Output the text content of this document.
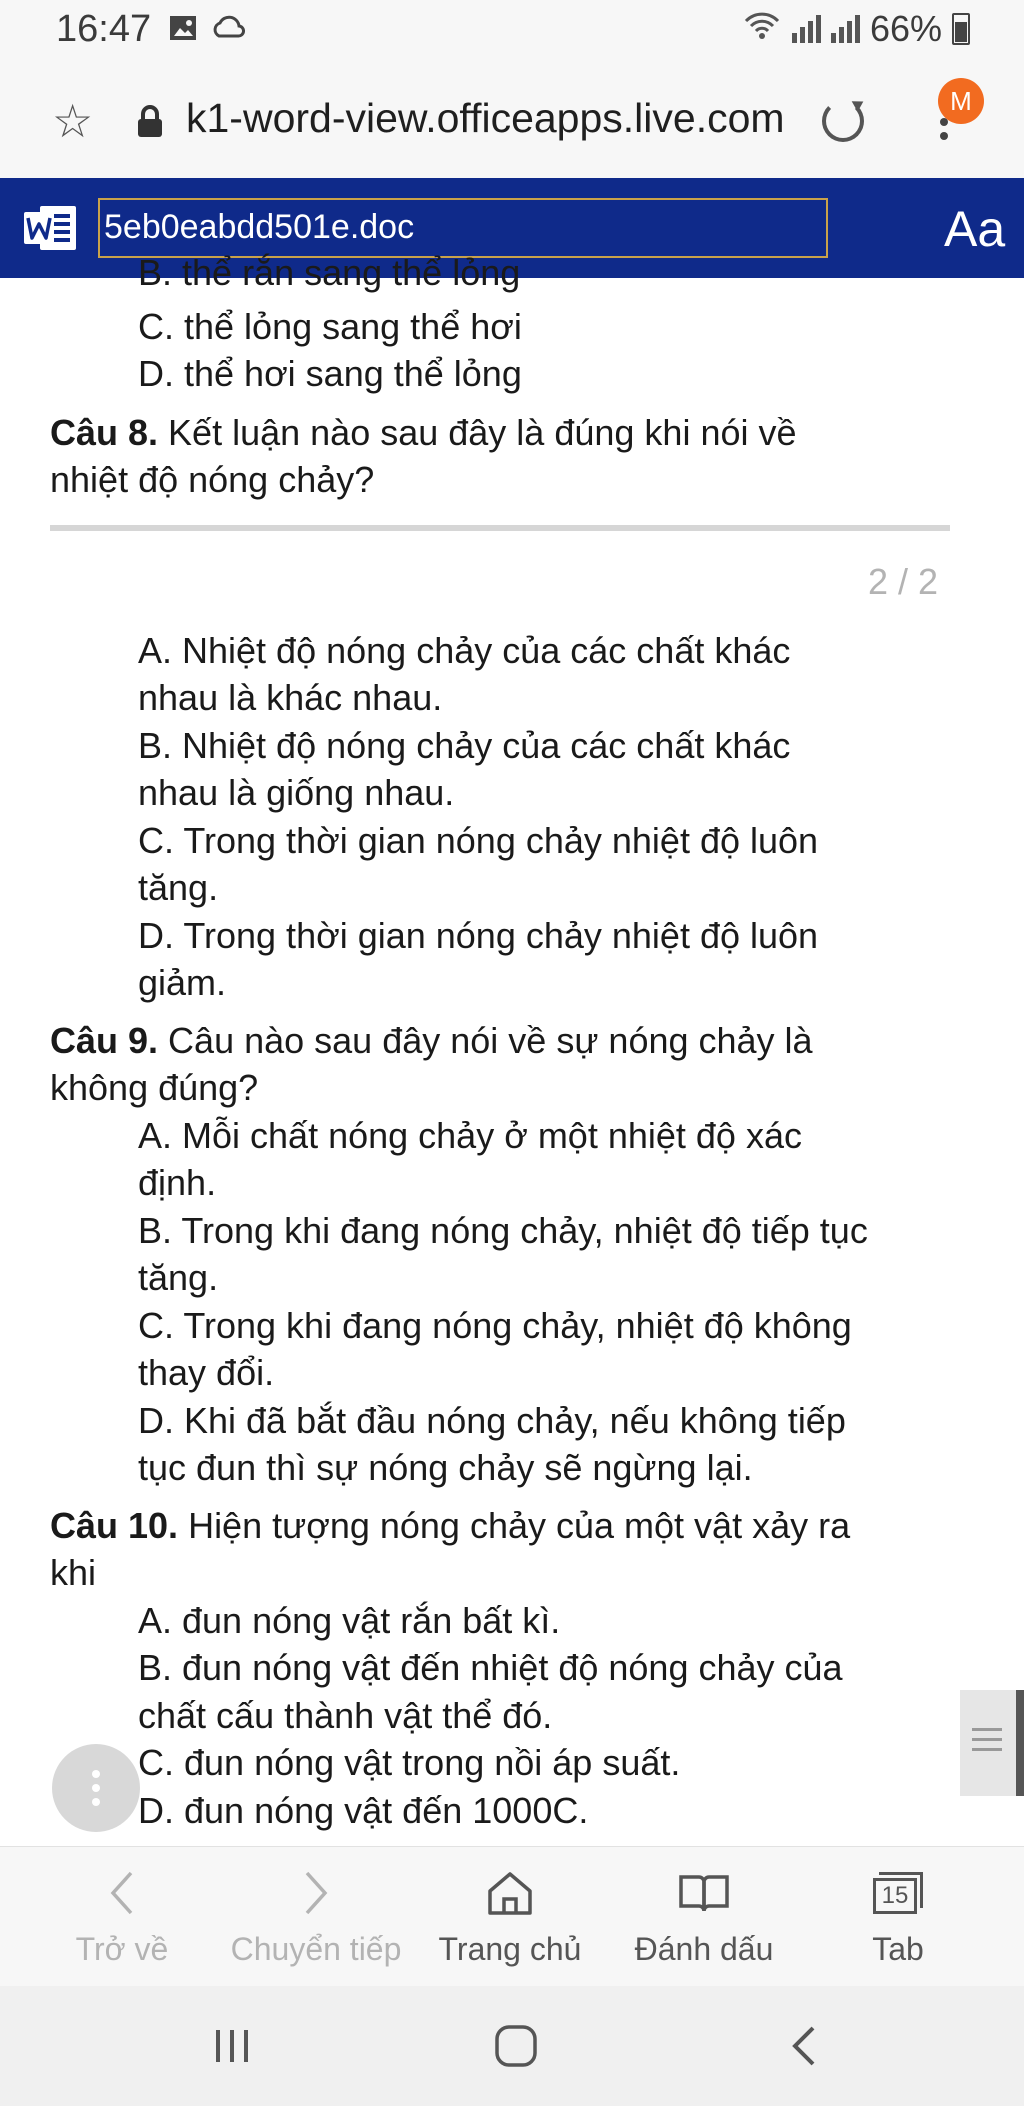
16:47	66%
☆ k1-word-view.officeapps.live.com	M
5eb0eabdd501e.doc	Aa
B. thể rắn sang thể lỏng
C. thể lỏng sang thể hơi
D. thể hơi sang thể lỏng
Câu 8. Kết luận nào sau đây là đúng khi nói về
nhiệt độ nóng chảy?
2 / 2
A. Nhiệt độ nóng chảy của các chất khác
nhau là khác nhau.
B. Nhiệt độ nóng chảy của các chất khác
nhau là giống nhau.
C. Trong thời gian nóng chảy nhiệt độ luôn
tăng.
D. Trong thời gian nóng chảy nhiệt độ luôn
giảm.
Câu 9. Câu nào sau đây nói về sự nóng chảy là
không đúng?
A. Mỗi chất nóng chảy ở một nhiệt độ xác
định.
B. Trong khi đang nóng chảy, nhiệt độ tiếp tục
tăng.
C. Trong khi đang nóng chảy, nhiệt độ không
thay đổi.
D. Khi đã bắt đầu nóng chảy, nếu không tiếp
tục đun thì sự nóng chảy sẽ ngừng lại.
Câu 10. Hiện tượng nóng chảy của một vật xảy ra
khi
A. đun nóng vật rắn bất kì.
B. đun nóng vật đến nhiệt độ nóng chảy của
chất cấu thành vật thể đó.
C. đun nóng vật trong nồi áp suất.
D. đun nóng vật đến 1000C.
Trở về	Chuyển tiếp	Trang chủ	Đánh dấu
15
Tab
